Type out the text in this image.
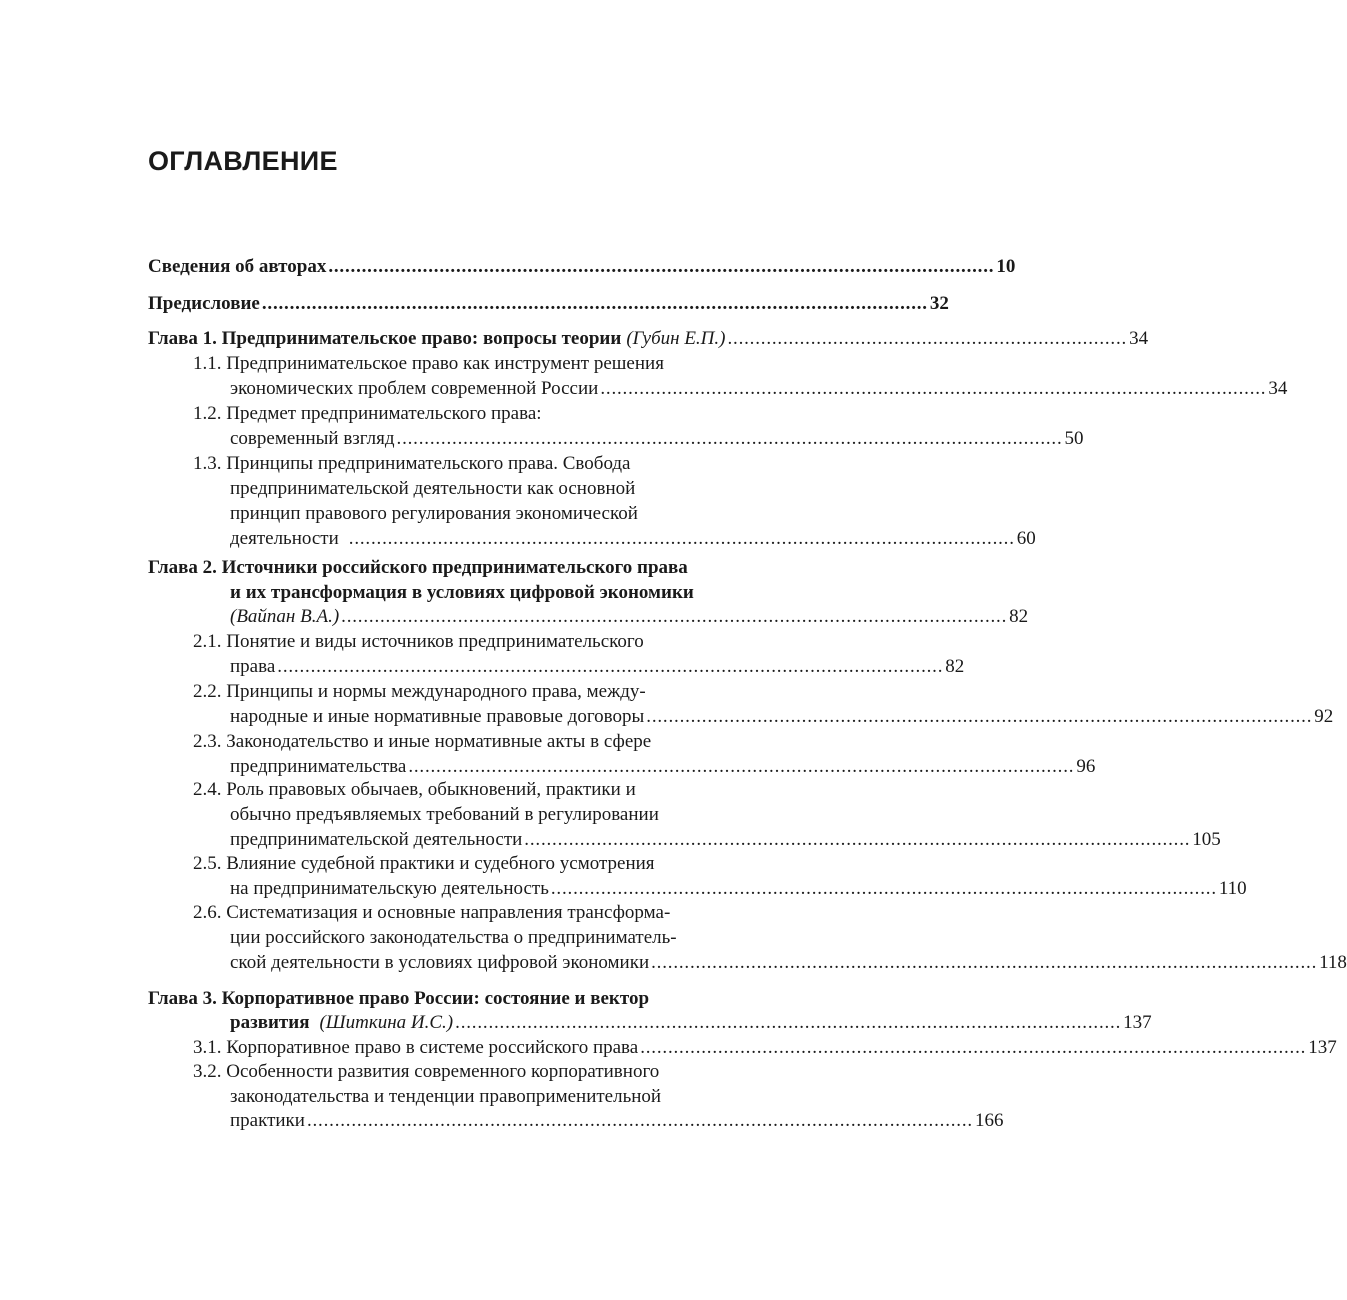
ОГЛАВЛЕНИЕ
Сведения об авторах ........................................................................................................................ 10
Предисловие ........................................................................................................................ 32
Глава 1. Предпринимательское право: вопросы теории (Губин Е.П.) ........................................................................ 34
1.1. Предпринимательское право как инструмент решения
экономических проблем современной России ........................................................................................................................ 34
1.2. Предмет предпринимательского права:
современный взгляд ........................................................................................................................ 50
1.3. Принципы предпринимательского права. Свобода
предпринимательской деятельности как основной
принцип правового регулирования экономической
деятельности ........................................................................................................................ 60
Глава 2. Источники российского предпринимательского права
и их трансформация в условиях цифровой экономики
(Вайпан В.А.) ........................................................................................................................ 82
2.1. Понятие и виды источников предпринимательского
права ........................................................................................................................ 82
2.2. Принципы и нормы международного права, между-
народные и иные нормативные правовые договоры ........................................................................................................................ 92
2.3. Законодательство и иные нормативные акты в сфере
предпринимательства ........................................................................................................................ 96
2.4. Роль правовых обычаев, обыкновений, практики и
обычно предъявляемых требований в регулировании
предпринимательской деятельности ........................................................................................................................ 105
2.5. Влияние судебной практики и судебного усмотрения
на предпринимательскую деятельность ........................................................................................................................ 110
2.6. Систематизация и основные направления трансформа-
ции российского законодательства о предприниматель-
ской деятельности в условиях цифровой экономики ........................................................................................................................ 118
Глава 3. Корпоративное право России: состояние и вектор
развития (Шиткина И.С.) ........................................................................................................................ 137
3.1. Корпоративное право в системе российского права ........................................................................................................................ 137
3.2. Особенности развития современного корпоративного
законодательства и тенденции правоприменительной
практики ........................................................................................................................ 166
